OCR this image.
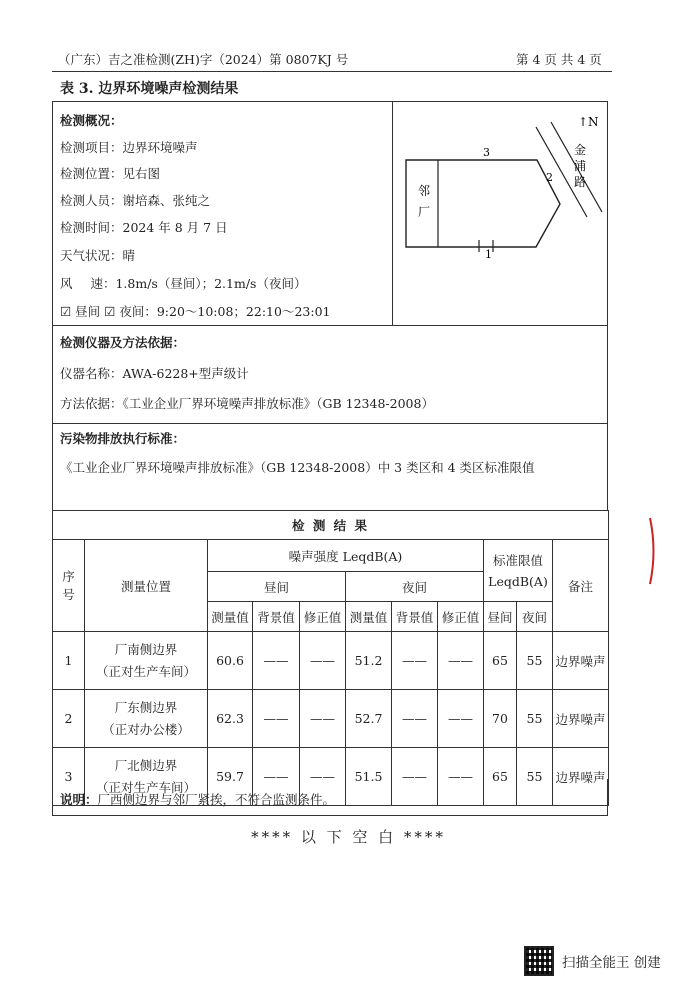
（广东）吉之准检测(ZH)字（2024）第 0807KJ 号	第 4 页 共 4 页
表 3. 边界环境噪声检测结果
检测概况：
检测项目：边界环境噪声
检测位置：见右图
检测人员：谢培森、张纯之
检测时间：2024 年 8 月 7 日
天气状况：晴
风 速：1.8m/s（昼间）；2.1m/s（夜间）
☑ 昼间 ☑ 夜间：9:20～10:08；22:10～23:01
3
2
1
↑N
金
浦
路
邻
厂
检测仪器及方法依据：
仪器名称：AWA-6228+型声级计
方法依据：《工业企业厂界环境噪声排放标准》（GB 12348-2008）
污染物排放执行标准：
《工业企业厂界环境噪声排放标准》（GB 12348-2008）中 3 类区和 4 类区标准限值

检 测 结 果										
序号	测量位置	噪声强度 LeqdB(A)						标准限值 LeqdB(A)		备注
		昼间			夜间					
		测量值	背景值	修正值	测量值	背景值	修正值	昼间	夜间	
1	厂南侧边界
（正对生产车间）	60.6	——	——	51.2	——	——	65	55	边界噪声
2	厂东侧边界
（正对办公楼）	62.3	——	——	52.7	——	——	70	55	边界噪声
3	厂北侧边界
（正对生产车间）	59.7	——	——	51.5	——	——	65	55	边界噪声
说明：厂西侧边界与邻厂紧挨，不符合监测条件。
**** 以 下 空 白 ****
扫描全能王 创建
